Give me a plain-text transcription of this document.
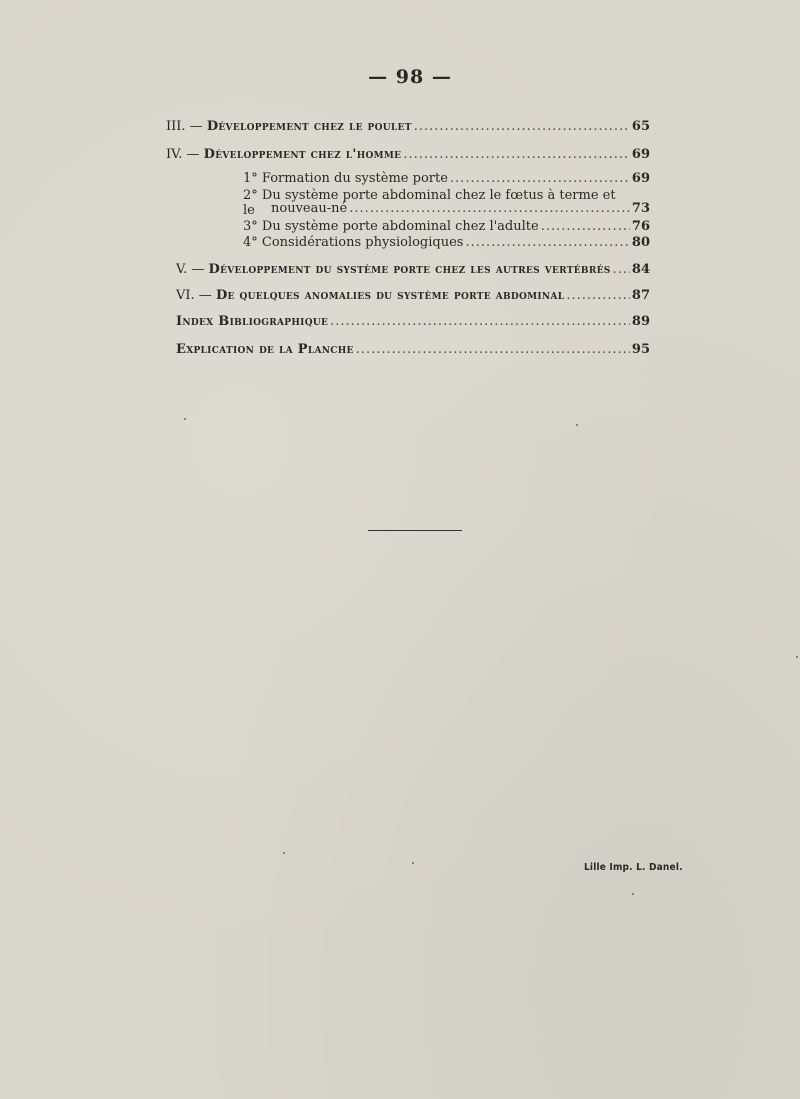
— 98 —
III. — Développement chez le poulet .....	65
IV. — Développement chez l'homme .....	69
1° Formation du système porte .....	69
2° Du système porte abdominal chez le fœtus à terme et le	nouveau-né .....	73
3° Du système porte abdominal chez l'adulte .....	76
4° Considérations physiologiques .....	80
V. — Développement du système porte chez les autres vertébrés ..... 84
VI. — De quelques anomalies du système porte abdominal .....	87
Index Bibliographique .....	89
Explication de la Planche .....	95
Lille Imp. L. Danel.
